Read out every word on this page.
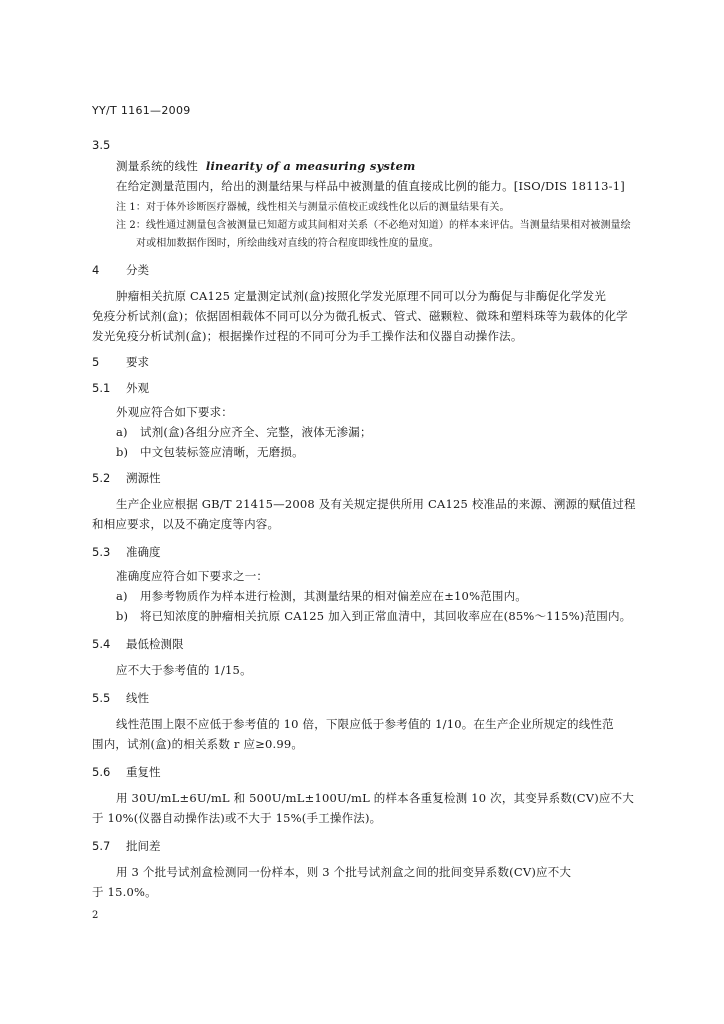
YY/T 1161—2009
3.5
测量系统的线性 linearity of a measuring system
在给定测量范围内，给出的测量结果与样品中被测量的值直接成比例的能力。[ISO/DIS 18113-1]
注 1：对于体外诊断医疗器械，线性相关与测量示值校正或线性化以后的测量结果有关。
注 2：线性通过测量包含被测量已知超方或其间相对关系（不必绝对知道）的样本来评估。当测量结果相对被测量绘
对或相加数据作图时，所绘曲线对直线的符合程度即线性度的量度。
4 分类
肿瘤相关抗原 CA125 定量测定试剂(盒)按照化学发光原理不同可以分为酶促与非酶促化学发光
免疫分析试剂(盒)；依据固相载体不同可以分为微孔板式、管式、磁颗粒、微珠和塑料珠等为载体的化学
发光免疫分析试剂(盒)；根据操作过程的不同可分为手工操作法和仪器自动操作法。
5 要求
5.1 外观
外观应符合如下要求：
a) 试剂(盒)各组分应齐全、完整，液体无渗漏；
b) 中文包装标签应清晰，无磨损。
5.2 溯源性
生产企业应根据 GB/T 21415—2008 及有关规定提供所用 CA125 校准品的来源、溯源的赋值过程
和相应要求，以及不确定度等内容。
5.3 准确度
准确度应符合如下要求之一：
a) 用参考物质作为样本进行检测，其测量结果的相对偏差应在±10%范围内。
b) 将已知浓度的肿瘤相关抗原 CA125 加入到正常血清中，其回收率应在(85%～115%)范围内。
5.4 最低检测限
应不大于参考值的 1/15。
5.5 线性
线性范围上限不应低于参考值的 10 倍，下限应低于参考值的 1/10。在生产企业所规定的线性范
围内，试剂(盒)的相关系数 r 应≥0.99。
5.6 重复性
用 30U/mL±6U/mL 和 500U/mL±100U/mL 的样本各重复检测 10 次，其变异系数(CV)应不大
于 10%(仪器自动操作法)或不大于 15%(手工操作法)。
5.7 批间差
用 3 个批号试剂盒检测同一份样本，则 3 个批号试剂盒之间的批间变异系数(CV)应不大
于 15.0%。
2
